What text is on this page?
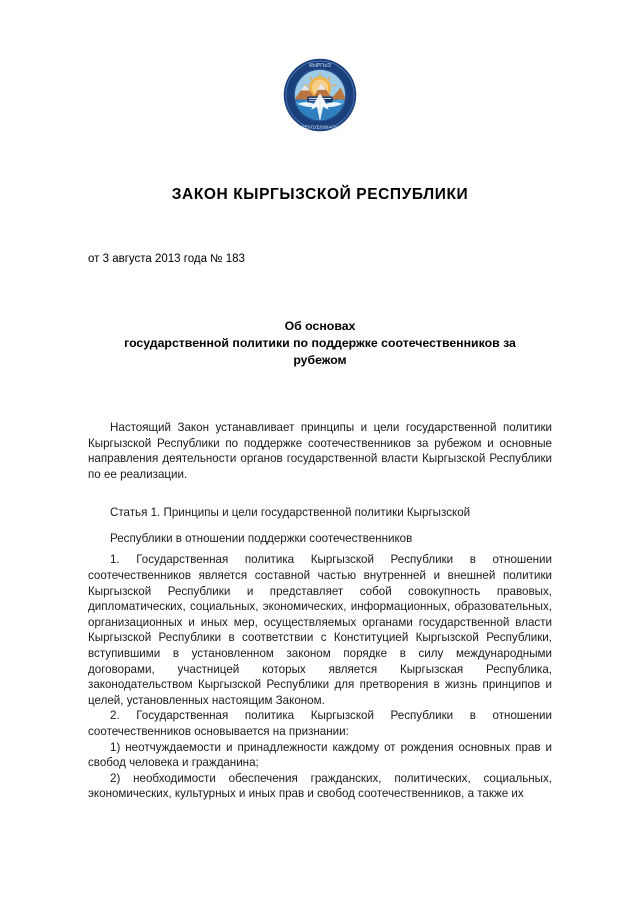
КЫРГЫЗ
РЕСПУБЛИКАСЫ
ЗАКОН КЫРГЫЗСКОЙ РЕСПУБЛИКИ
от 3 августа 2013 года № 183
Об основах
государственной политики по поддержке соотечественников за
рубежом

Настоящий Закон устанавливает принципы и цели государственной политики Кыргызской Республики по поддержке соотечественников за рубежом и основные направления деятельности органов государственной власти Кыргызской Республики по ее реализации.

Статья 1. Принципы и цели государственной политики Кыргызской
Республики в отношении поддержки соотечественников

1. Государственная политика Кыргызской Республики в отношении соотечественников является составной частью внутренней и внешней политики Кыргызской Республики и представляет собой совокупность правовых, дипломатических, социальных, экономических, информационных, образовательных, организационных и иных мер, осуществляемых органами государственной власти Кыргызской Республики в соответствии с Конституцией Кыргызской Республики, вступившими в установленном законом порядке в силу международными договорами, участницей которых является Кыргызская Республика, законодательством Кыргызской Республики для претворения в жизнь принципов и целей, установленных настоящим Законом.

2. Государственная политика Кыргызской Республики в отношении соотечественников основывается на признании:

1) неотчуждаемости и принадлежности каждому от рождения основных прав и свобод человека и гражданина;

2) необходимости обеспечения гражданских, политических, социальных, экономических, культурных и иных прав и свобод соотечественников, а также их
